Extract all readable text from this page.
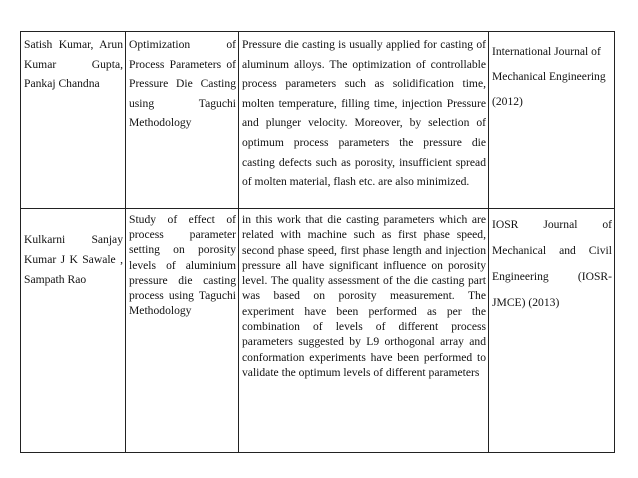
Satish Kumar, Arun Kumar Gupta, Pankaj Chandna	Optimization of Process Parameters of Pressure Die Casting using Taguchi Methodology	Pressure die casting is usually applied for casting of aluminum alloys. The optimization of controllable process parameters such as solidification time, molten temperature, filling time, injection Pressure and plunger velocity. Moreover, by selection of optimum process parameters the pressure die casting defects such as porosity, insufficient spread of molten material, flash etc. are also minimized.	International Journal of Mechanical Engineering (2012)

Kulkarni Sanjay Kumar J K Sawale , Sampath Rao	Study of effect of process parameter setting on porosity levels of aluminium pressure die casting process using Taguchi Methodology	in this work that die casting parameters which are related with machine such as first phase speed, second phase speed, first phase length and injection pressure all have significant influence on porosity level. The quality assessment of the die casting part was based on porosity measurement. The experiment have been performed as per the combination of levels of different process parameters suggested by L9 orthogonal array and conformation experiments have been performed to validate the optimum levels of different parameters	IOSR Journal of Mechanical and Civil Engineering (IOSR-JMCE) (2013)
